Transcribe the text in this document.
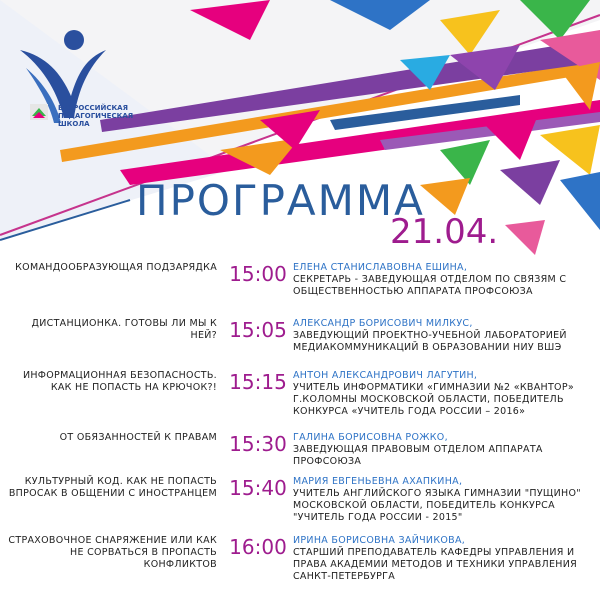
ВСЕРОССИЙСКАЯ
ПЕДАГОГИЧЕСКАЯ
ШКОЛА
ПРОГРАММА
21.04.
КОМАНДООБРАЗУЮЩАЯ ПОДЗАРЯДКА 15:00 ЕЛЕНА СТАНИСЛАВОВНА ЕШИНА,
СЕКРЕТАРЬ - ЗАВЕДУЮЩАЯ ОТДЕЛОМ ПО СВЯЗЯМ С ОБЩЕСТВЕННОСТЬЮ АППАРАТА ПРОФСОЮЗА
ДИСТАНЦИОНКА. ГОТОВЫ ЛИ МЫ К НЕЙ? 15:05 АЛЕКСАНДР БОРИСОВИЧ МИЛКУС,
ЗАВЕДУЮЩИЙ ПРОЕКТНО-УЧЕБНОЙ ЛАБОРАТОРИЕЙ МЕДИАКОММУНИКАЦИЙ В ОБРАЗОВАНИИ НИУ ВШЭ
ИНФОРМАЦИОННАЯ БЕЗОПАСНОСТЬ. КАК НЕ ПОПАСТЬ НА КРЮЧОК?! 15:15 АНТОН АЛЕКСАНДРОВИЧ ЛАГУТИН,
УЧИТЕЛЬ ИНФОРМАТИКИ «ГИМНАЗИИ №2 «КВАНТОР» Г.КОЛОМНЫ МОСКОВСКОЙ ОБЛАСТИ, ПОБЕДИТЕЛЬ КОНКУРСА «УЧИТЕЛЬ ГОДА РОССИИ – 2016»
ОТ ОБЯЗАННОСТЕЙ К ПРАВАМ 15:30 ГАЛИНА БОРИСОВНА РОЖКО,
ЗАВЕДУЮЩАЯ ПРАВОВЫМ ОТДЕЛОМ АППАРАТА ПРОФСОЮЗА
КУЛЬТУРНЫЙ КОД. КАК НЕ ПОПАСТЬ ВПРОСАК В ОБЩЕНИИ С ИНОСТРАНЦЕМ 15:40 МАРИЯ ЕВГЕНЬЕВНА АХАПКИНА,
УЧИТЕЛЬ АНГЛИЙСКОГО ЯЗЫКА ГИМНАЗИИ "ПУЩИНО" МОСКОВСКОЙ ОБЛАСТИ, ПОБЕДИТЕЛЬ КОНКУРСА "УЧИТЕЛЬ ГОДА РОССИИ - 2015"
СТРАХОВОЧНОЕ СНАРЯЖЕНИЕ ИЛИ КАК НЕ СОРВАТЬСЯ В ПРОПАСТЬ КОНФЛИКТОВ
16:00 ИРИНА БОРИСОВНА ЗАЙЧИКОВА,
СТАРШИЙ ПРЕПОДАВАТЕЛЬ КАФЕДРЫ УПРАВЛЕНИЯ И ПРАВА АКАДЕМИИ МЕТОДОВ И ТЕХНИКИ УПРАВЛЕНИЯ САНКТ-ПЕТЕРБУРГА
